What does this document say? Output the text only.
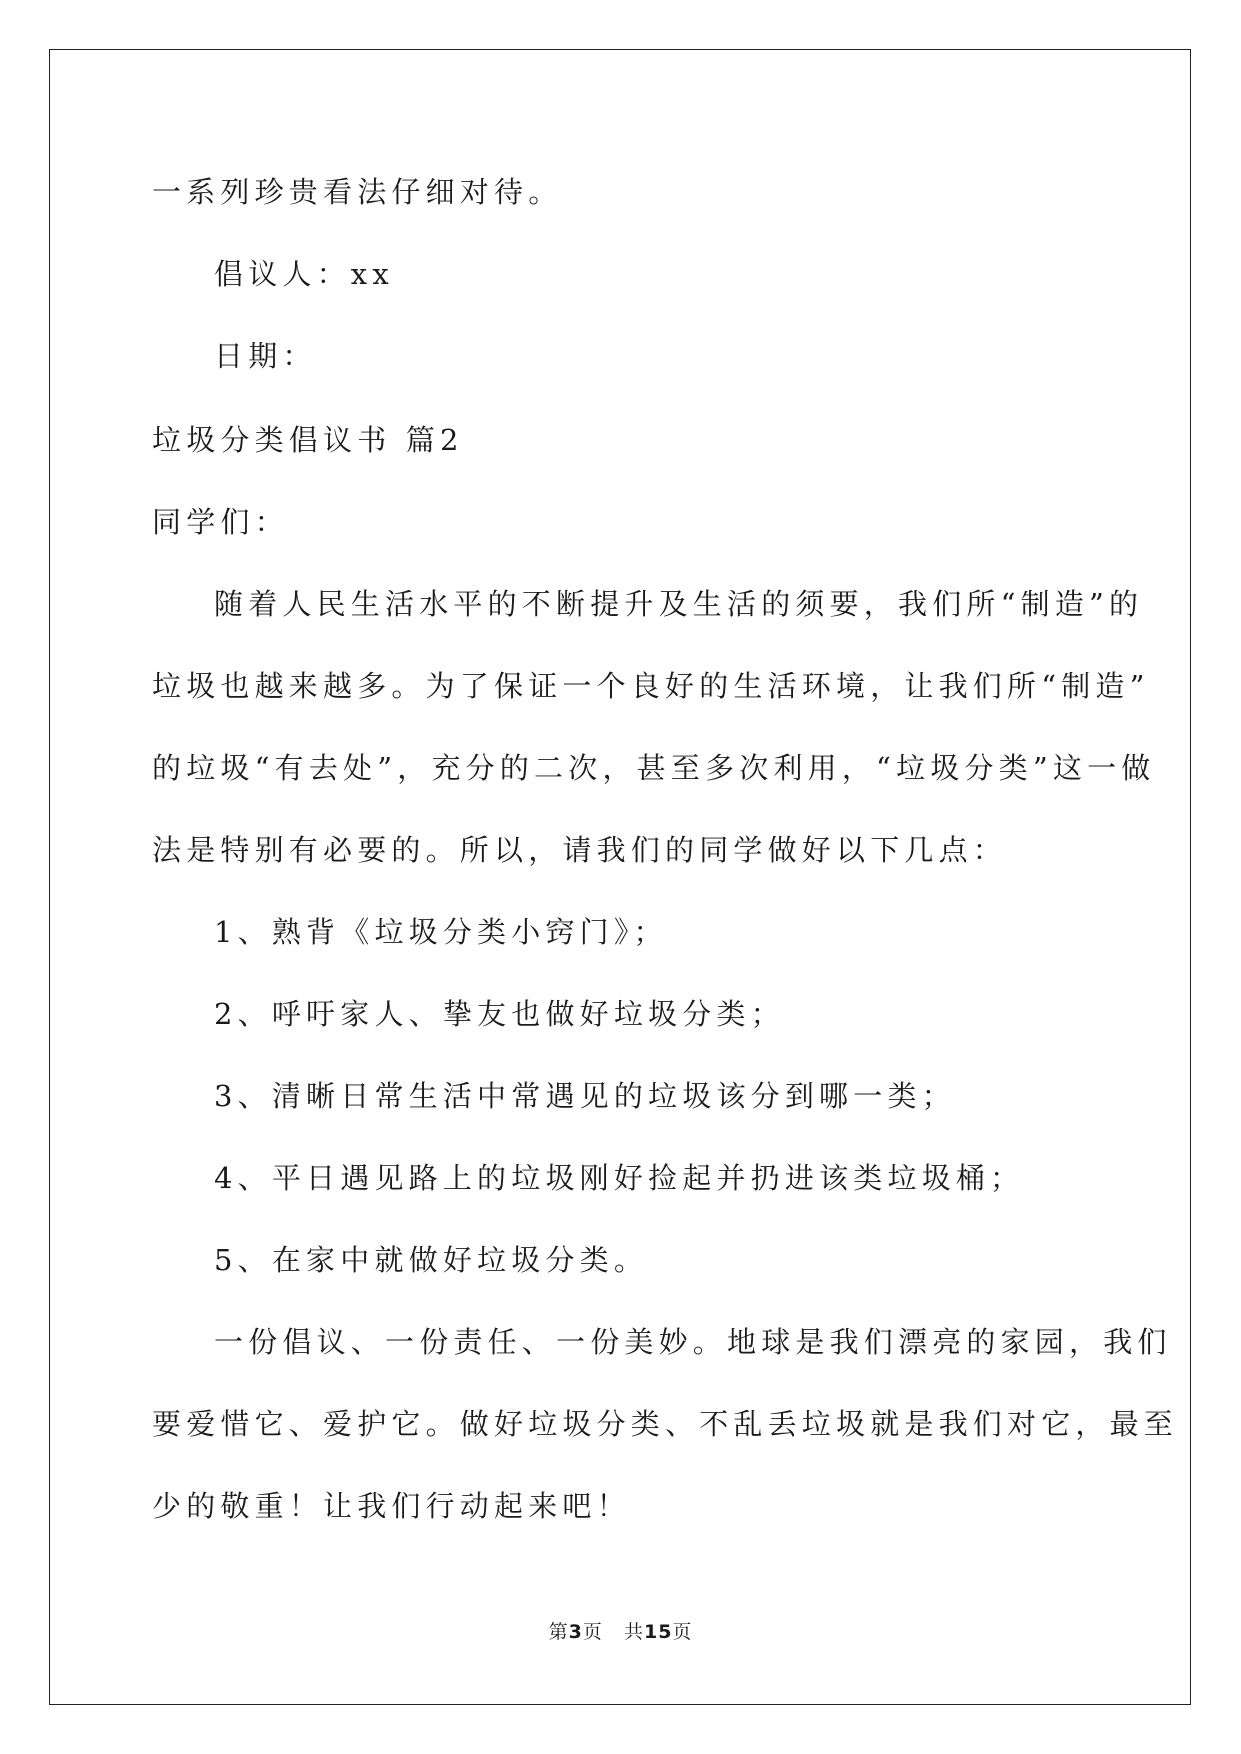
一系列珍贵看法仔细对待。
倡议人：xx
日期：
垃圾分类倡议书 篇2
同学们：
随着人民生活水平的不断提升及生活的须要，我们所“制造”的
垃圾也越来越多。为了保证一个良好的生活环境，让我们所“制造”
的垃圾“有去处”，充分的二次，甚至多次利用，“垃圾分类”这一做
法是特别有必要的。所以，请我们的同学做好以下几点：
1、熟背《垃圾分类小窍门》；
2、呼吁家人、挚友也做好垃圾分类；
3、清晰日常生活中常遇见的垃圾该分到哪一类；
4、平日遇见路上的垃圾刚好捡起并扔进该类垃圾桶；
5、在家中就做好垃圾分类。
一份倡议、一份责任、一份美妙。地球是我们漂亮的家园，我们
要爱惜它、爱护它。做好垃圾分类、不乱丢垃圾就是我们对它，最至
少的敬重！让我们行动起来吧！
第3页 共15页
